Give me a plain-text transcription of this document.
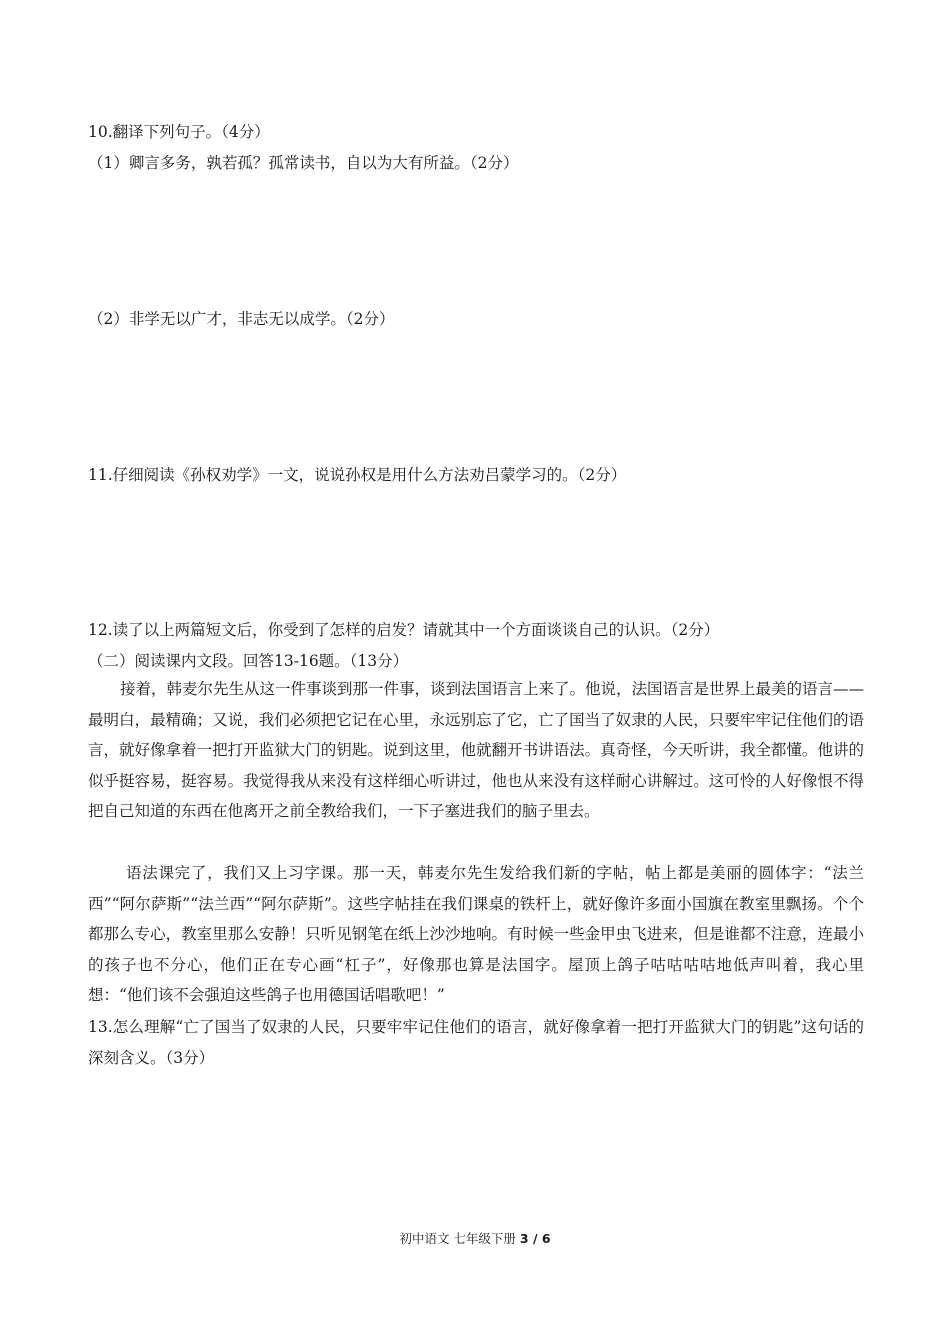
10.翻译下列句子。（4分）
（1）卿言多务，孰若孤？孤常读书，自以为大有所益。（2分）
（2）非学无以广才，非志无以成学。（2分）
11.仔细阅读《孙权劝学》一文，说说孙权是用什么方法劝吕蒙学习的。（2分）
12.读了以上两篇短文后，你受到了怎样的启发？请就其中一个方面谈谈自己的认识。（2分）
（二）阅读课内文段。回答13-16题。（13分）

接着，韩麦尔先生从这一件事谈到那一件事，谈到法国语言上来了。他说，法国语言是世界上最美的语言——最明白，最精确；又说，我们必须把它记在心里，永远别忘了它，亡了国当了奴隶的人民，只要牢牢记住他们的语言，就好像拿着一把打开监狱大门的钥匙。说到这里，他就翻开书讲语法。真奇怪，今天听讲，我全都懂。他讲的似乎挺容易，挺容易。我觉得我从来没有这样细心听讲过，他也从来没有这样耐心讲解过。这可怜的人好像恨不得把自己知道的东西在他离开之前全教给我们，一下子塞进我们的脑子里去。

语法课完了，我们又上习字课。那一天，韩麦尔先生发给我们新的字帖，帖上都是美丽的圆体字：“法兰西”“阿尔萨斯”“法兰西”“阿尔萨斯”。这些字帖挂在我们课桌的铁杆上，就好像许多面小国旗在教室里飘扬。个个都那么专心，教室里那么安静！只听见钢笔在纸上沙沙地响。有时候一些金甲虫飞进来，但是谁都不注意，连最小的孩子也不分心，他们正在专心画“杠子”，好像那也算是法国字。屋顶上鸽子咕咕咕咕地低声叫着，我心里想：“他们该不会强迫这些鸽子也用德国话唱歌吧！”

13.怎么理解“亡了国当了奴隶的人民，只要牢牢记住他们的语言，就好像拿着一把打开监狱大门的钥匙”这句话的深刻含义。（3分）

初中语文 七年级下册 3 / 6
